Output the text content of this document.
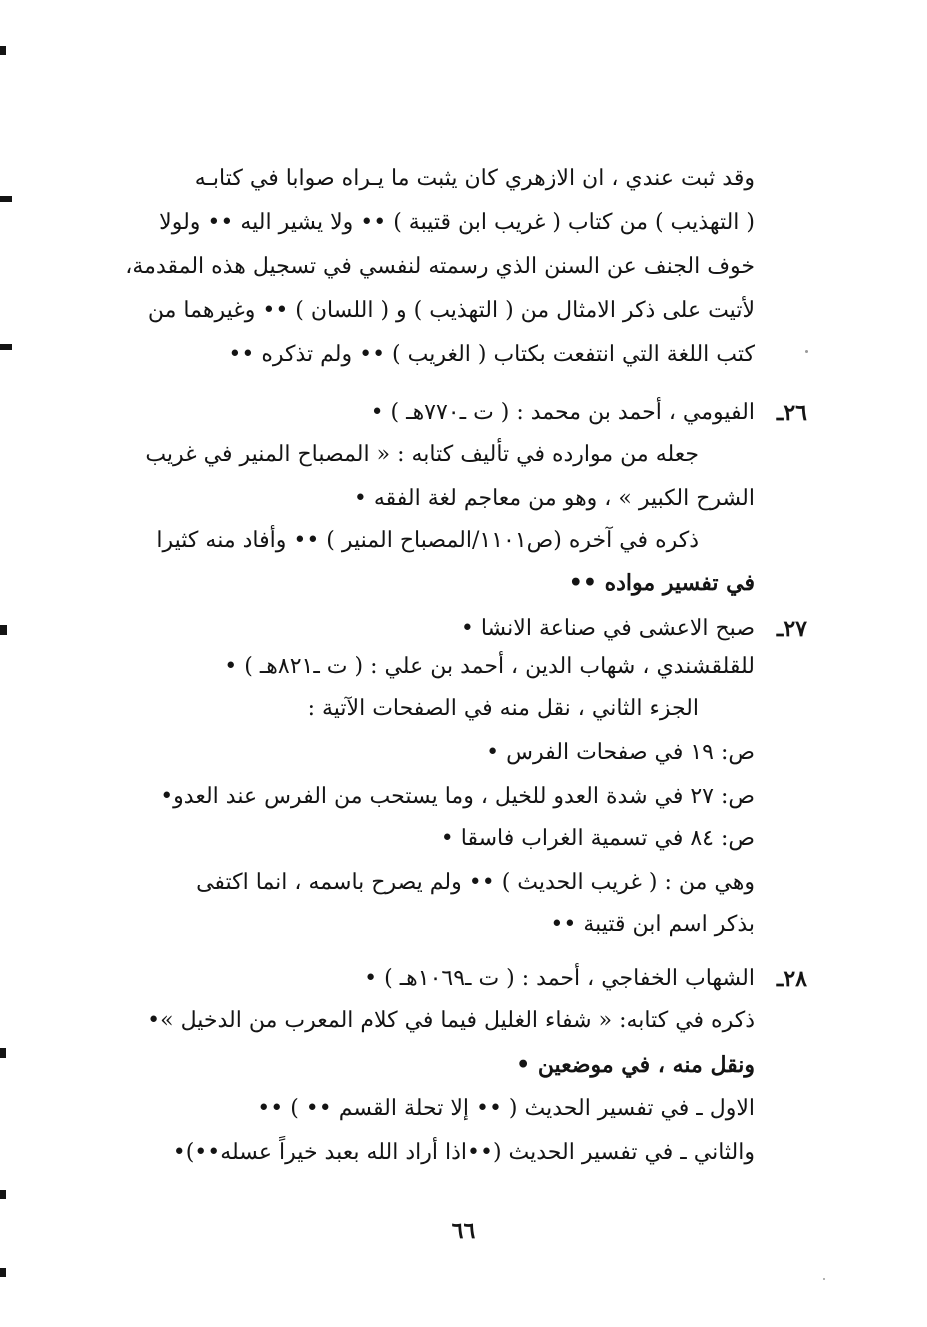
وقد ثبت عندي ، ان الازهري كان يثبت ما يـراه صوابا في كتابـه
( التهذيب ) من كتاب ( غريب ابن قتيبة ) •• ولا يشير اليه •• ولولا
خوف الجنف عن السنن الذي رسمته لنفسي في تسجيل هذه المقدمة،
لأتيت على ذكر الامثال من ( التهذيب ) و ( اللسان ) •• وغيرهما من
كتب اللغة التي انتفعت بكتاب ( الغريب ) •• ولم تذكره ••
٢٦ـ
الفيومي ، أحمد بن محمد : ( ت ـ٧٧٠هـ ) •
جعله من موارده في تأليف كتابه : « المصباح المنير في غريب
الشرح الكبير » ، وهو من معاجم لغة الفقه •
ذكره في آخره (ص١١٠١/المصباح المنير ) •• وأفاد منه كثيرا
في تفسير مواده ••
٢٧ـ
صبح الاعشى في صناعة الانشا •
للقلقشندي ، شهاب الدين ، أحمد بن علي : ( ت ـ٨٢١هـ ) •
الجزء الثاني ، نقل منه في الصفحات الآتية :
ص: ١٩ في صفحات الفرس •
ص: ٢٧ في شدة العدو للخيل ، وما يستحب من الفرس عند العدو•
ص: ٨٤ في تسمية الغراب فاسقا •
وهي من : ( غريب الحديث ) •• ولم يصرح باسمه ، انما اكتفى
بذكر اسم ابن قتيبة ••
٢٨ـ
الشهاب الخفاجي ، أحمد : ( ت ـ١٠٦٩هـ ) •
ذكره في كتابه: « شفاء الغليل فيما في كلام المعرب من الدخيل »•
ونقل منه ، في موضعين •
الاول ـ في تفسير الحديث ( •• إلا تحلة القسم •• ) ••
والثاني ـ في تفسير الحديث (••اذا أراد الله بعبد خيراً عسله••)•
٦٦
